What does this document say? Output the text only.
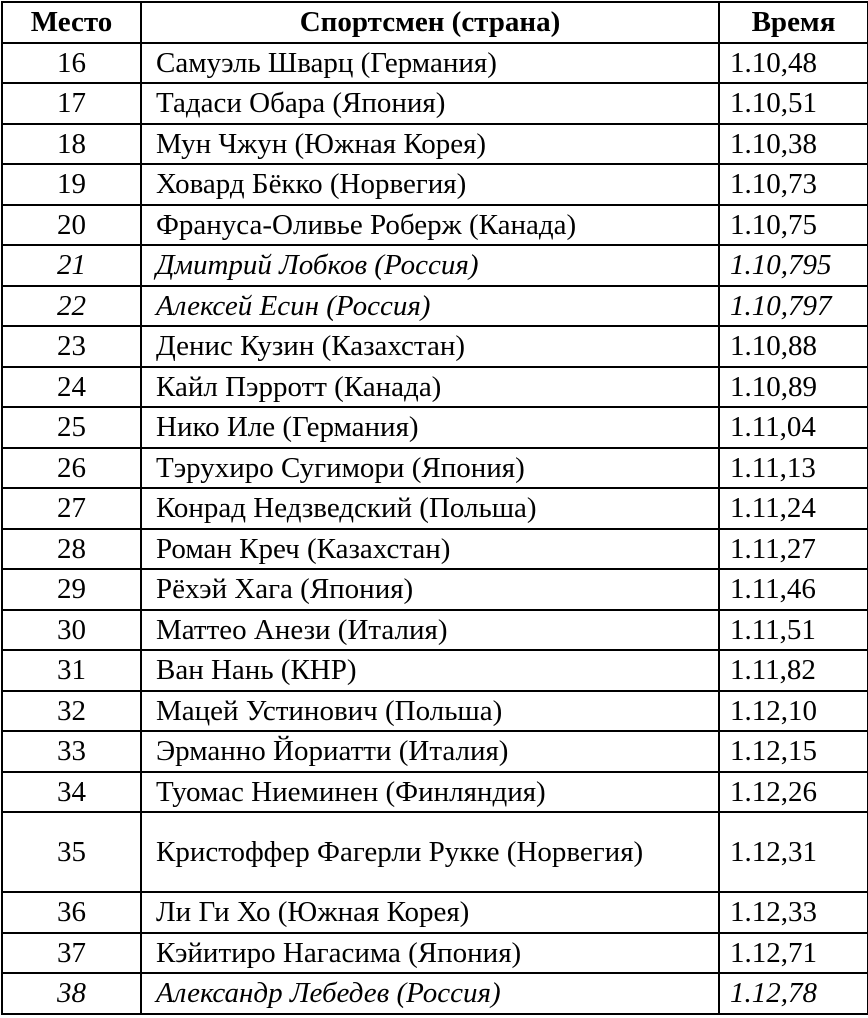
Место	Спортсмен (страна)	Время
16	Самуэль Шварц (Германия)	1.10,48
17	Тадаси Обара (Япония)	1.10,51
18	Мун Чжун (Южная Корея)	1.10,38
19	Ховард Бёкко (Норвегия)	1.10,73
20	Франуса-Оливье Роберж (Канада)	1.10,75
21	Дмитрий Лобков (Россия)	1.10,795
22	Алексей Есин (Россия)	1.10,797
23	Денис Кузин (Казахстан)	1.10,88
24	Кайл Пэрротт (Канада)	1.10,89
25	Нико Иле (Германия)	1.11,04
26	Тэрухиро Сугимори (Япония)	1.11,13
27	Конрад Недзведский (Польша)	1.11,24
28	Роман Креч (Казахстан)	1.11,27
29	Рёхэй Хага (Япония)	1.11,46
30	Маттео Анези (Италия)	1.11,51
31	Ван Нань (КНР)	1.11,82
32	Мацей Устинович (Польша)	1.12,10
33	Эрманно Йориатти (Италия)	1.12,15
34	Туомас Ниеминен (Финляндия)	1.12,26
35	Кристоффер Фагерли Рукке (Норвегия)	1.12,31
36	Ли Ги Хо (Южная Корея)	1.12,33
37	Кэйитиро Нагасима (Япония)	1.12,71
38	Александр Лебедев (Россия)	1.12,78
